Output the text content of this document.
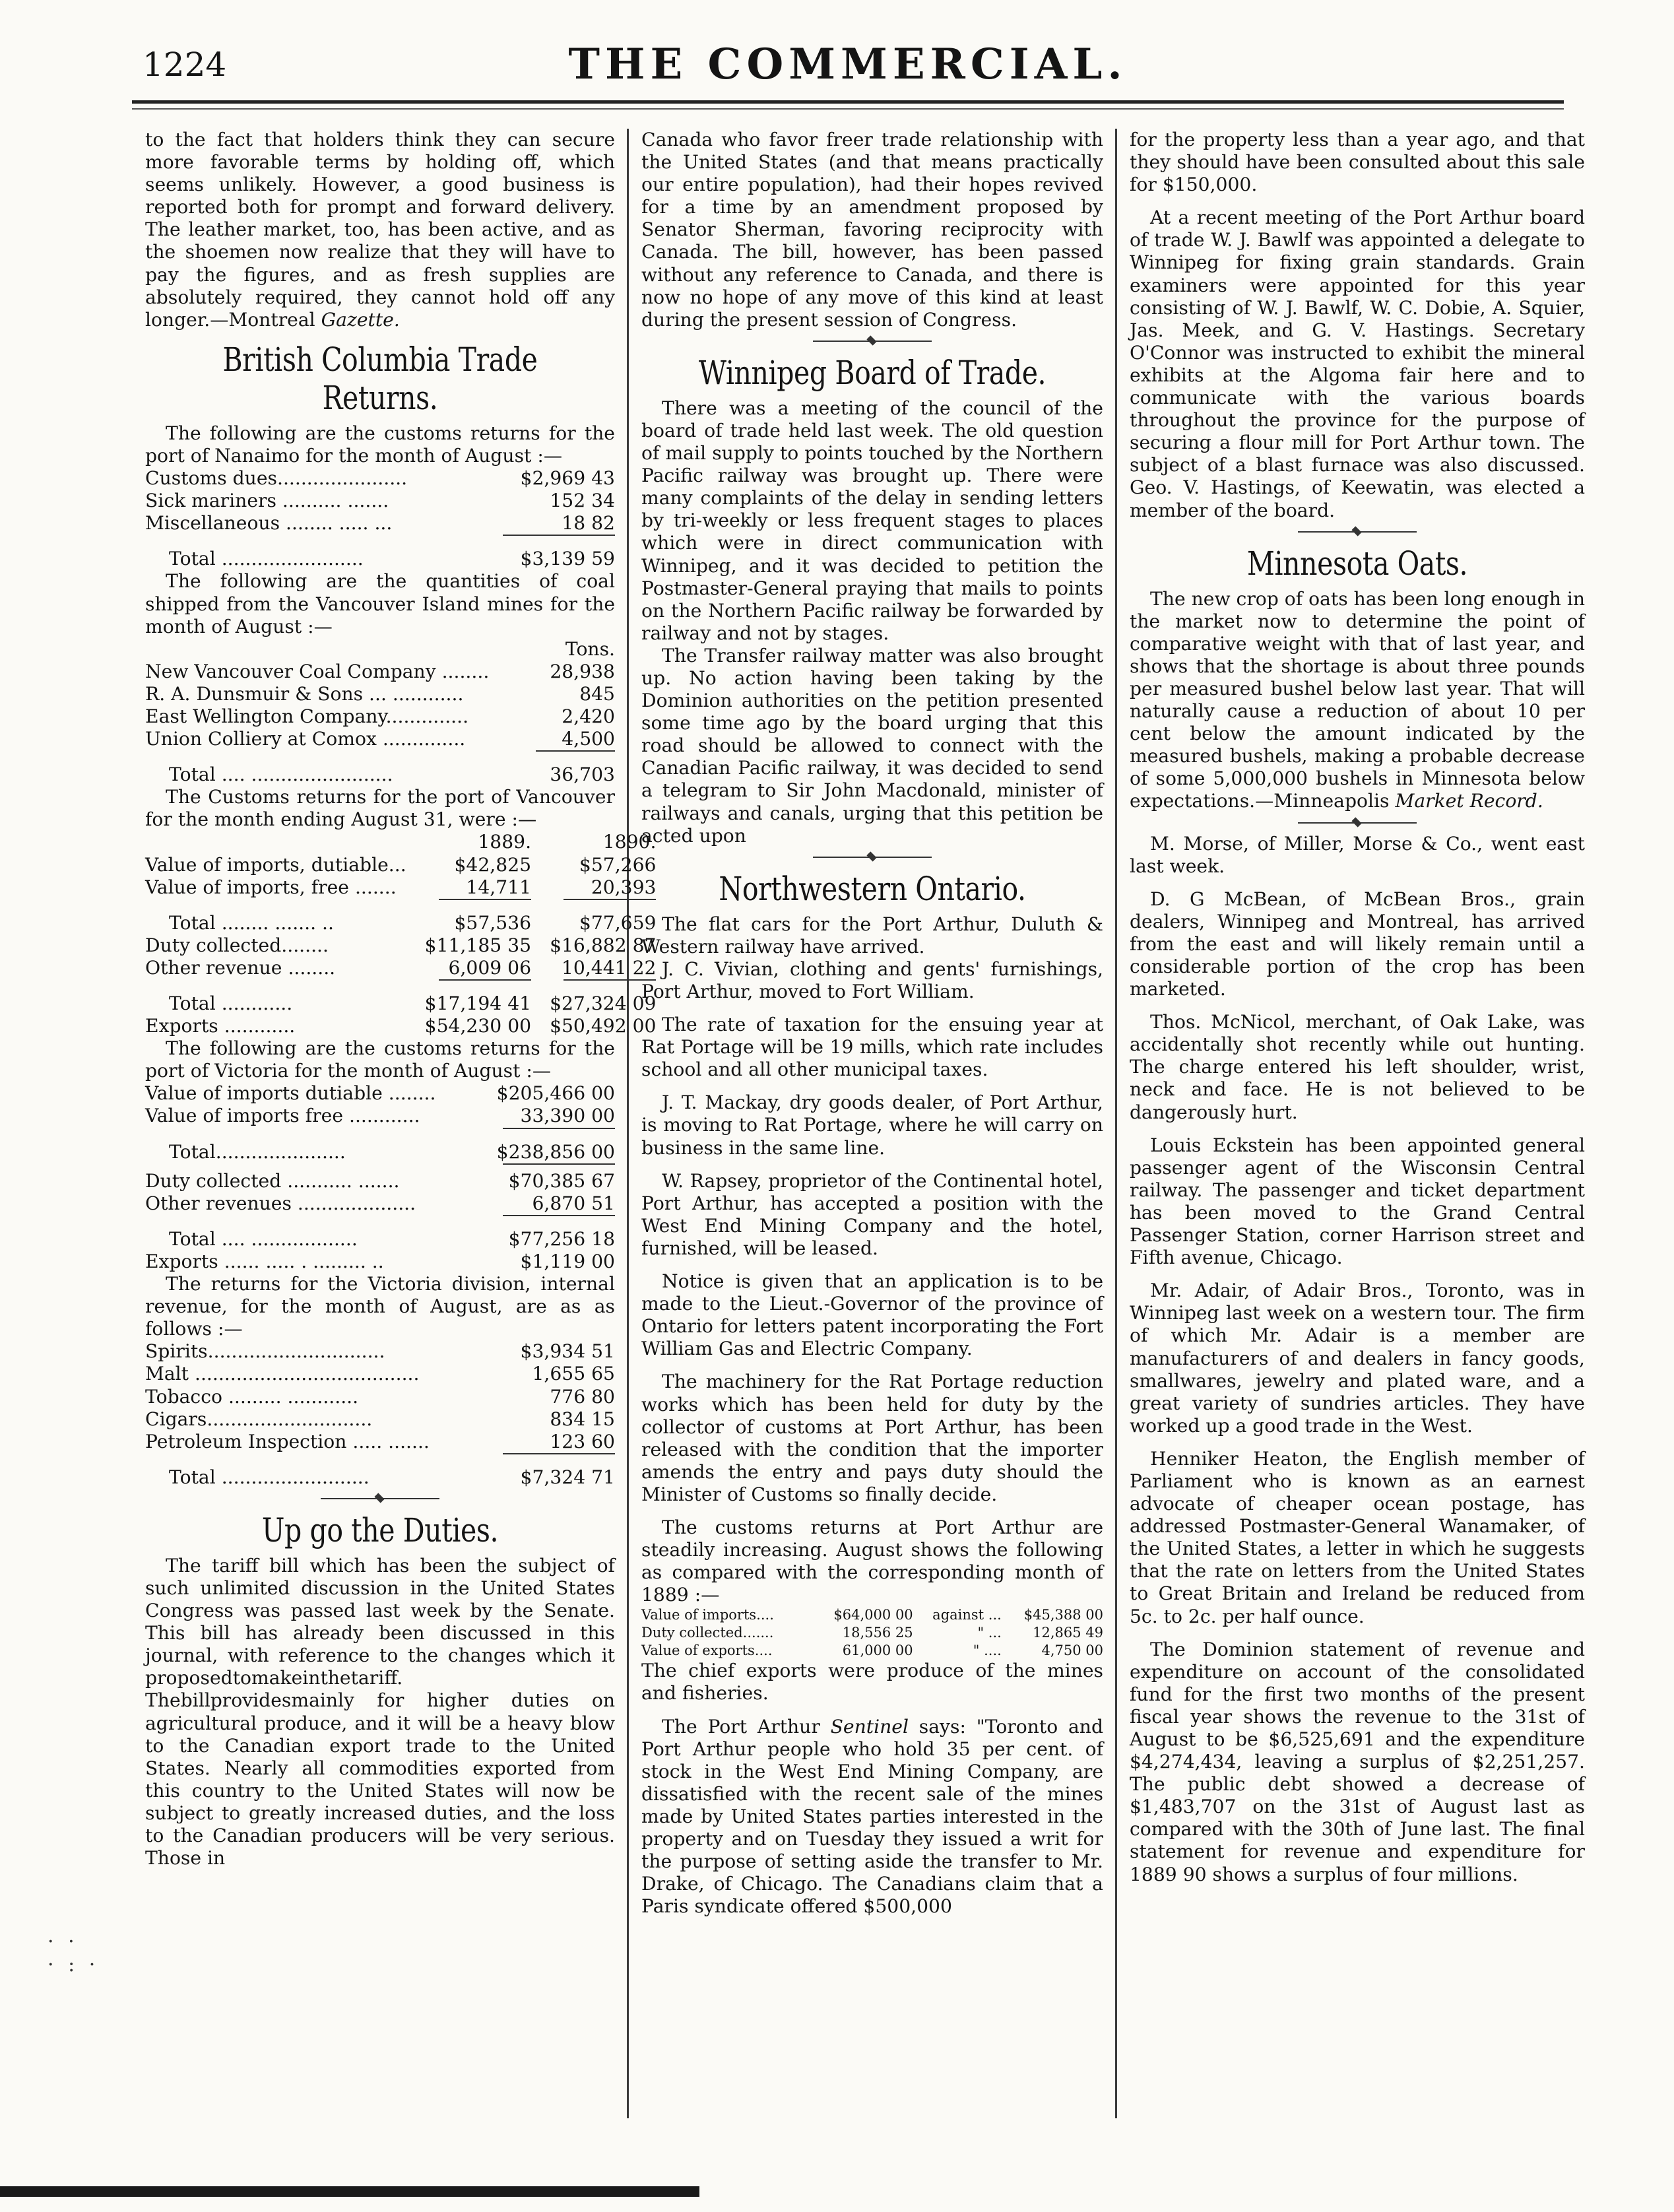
1224	THE COMMERCIAL.

to the fact that holders think they can secure more favorable terms by holding off, which seems unlikely. However, a good business is reported both for prompt and forward delivery. The leather market, too, has been active, and as the shoemen now realize that they will have to pay the figures, and as fresh supplies are absolutely required, they cannot hold off any longer.—Montreal Gazette.

British Columbia Trade Returns.

The following are the customs returns for the port of Nanaimo for the month of August :—

Customs dues......................	$2,969 43
Sick mariners .......... .......	152 34
Miscellaneous ........ ..... ...	18 82

Total ........................	$3,139 59

The following are the quantities of coal shipped from the Vancouver Island mines for the month of August :—

Tons.
New Vancouver Coal Company ........	28,938
R. A. Dunsmuir & Sons ... ............	845
East Wellington Company..............	2,420
Union Colliery at Comox ..............	4,500

Total .... ........................	36,703

The Customs returns for the port of Vancouver for the month ending August 31, were :—

	1889.	1890.
Value of imports, dutiable...	$42,825	$57,266
Value of imports, free .......	14,711	20,393

Total ........ ....... ..	$57,536	$77,659
Duty collected........	$11,185 35	$16,882 87
Other revenue ........	6,009 06	10,441 22

Total ............	$17,194 41	$27,324 09
Exports ............	$54,230 00	$50,492 00

The following are the customs returns for the port of Victoria for the month of August :—

Value of imports dutiable ........	$205,466 00
Value of imports free ............	33,390 00

Total......................	$238,856 00

Duty collected ........... .......	$70,385 67
Other revenues ....................	6,870 51

Total .... ..................	$77,256 18
Exports ...... ..... . ......... ..	$1,119 00

The returns for the Victoria division, internal revenue, for the month of August, are as as follows :—

Spirits..............................	$3,934 51
Malt ......................................	1,655 65
Tobacco ......... ............	776 80
Cigars............................	834 15
Petroleum Inspection ..... .......	123 60

Total .........................	$7,324 71
Up go the Duties.

The tariff bill which has been the subject of such unlimited discussion in the United States Congress was passed last week by the Senate. This bill has already been discussed in this journal, with reference to the changes which it proposedtomakeinthetariff. Thebillprovidesmainly for higher duties on agricultural produce, and it will be a heavy blow to the Canadian export trade to the United States. Nearly all commodities exported from this country to the United States will now be subject to greatly increased duties, and the loss to the Canadian producers will be very serious. Those in

Canada who favor freer trade relationship with the United States (and that means practically our entire population), had their hopes revived for a time by an amendment proposed by Senator Sherman, favoring reciprocity with Canada. The bill, however, has been passed without any reference to Canada, and there is now no hope of any move of this kind at least during the present session of Congress.

Winnipeg Board of Trade.

There was a meeting of the council of the board of trade held last week. The old question of mail supply to points touched by the Northern Pacific railway was brought up. There were many complaints of the delay in sending letters by tri-weekly or less frequent stages to places which were in direct communication with Winnipeg, and it was decided to petition the Postmaster-General praying that mails to points on the Northern Pacific railway be forwarded by railway and not by stages.

The Transfer railway matter was also brought up. No action having been taking by the Dominion authorities on the petition presented some time ago by the board urging that this road should be allowed to connect with the Canadian Pacific railway, it was decided to send a telegram to Sir John Macdonald, minister of railways and canals, urging that this petition be acted upon

Northwestern Ontario.

The flat cars for the Port Arthur, Duluth & Western railway have arrived.

J. C. Vivian, clothing and gents' furnishings, Port Arthur, moved to Fort William.

The rate of taxation for the ensuing year at Rat Portage will be 19 mills, which rate includes school and all other municipal taxes.

J. T. Mackay, dry goods dealer, of Port Arthur, is moving to Rat Portage, where he will carry on business in the same line.

W. Rapsey, proprietor of the Continental hotel, Port Arthur, has accepted a position with the West End Mining Company and the hotel, furnished, will be leased.

Notice is given that an application is to be made to the Lieut.-Governor of the province of Ontario for letters patent incorporating the Fort William Gas and Electric Company.

The machinery for the Rat Portage reduction works which has been held for duty by the collector of customs at Port Arthur, has been released with the condition that the importer amends the entry and pays duty should the Minister of Customs so finally decide.

The customs returns at Port Arthur are steadily increasing. August shows the following as compared with the corresponding month of 1889 :—

Value of imports....	$64,000 00	against ...	$45,388 00
Duty collected.......	18,556 25	" ...	12,865 49
Value of exports....	61,000 00	" ....	4,750 00

The chief exports were produce of the mines and fisheries.

The Port Arthur Sentinel says: "Toronto and Port Arthur people who hold 35 per cent. of stock in the West End Mining Company, are dissatisfied with the recent sale of the mines made by United States parties interested in the property and on Tuesday they issued a writ for the purpose of setting aside the transfer to Mr. Drake, of Chicago. The Canadians claim that a Paris syndicate offered $500,000

for the property less than a year ago, and that they should have been consulted about this sale for $150,000.

At a recent meeting of the Port Arthur board of trade W. J. Bawlf was appointed a delegate to Winnipeg for fixing grain standards. Grain examiners were appointed for this year consisting of W. J. Bawlf, W. C. Dobie, A. Squier, Jas. Meek, and G. V. Hastings. Secretary O'Connor was instructed to exhibit the mineral exhibits at the Algoma fair here and to communicate with the various boards throughout the province for the purpose of securing a flour mill for Port Arthur town. The subject of a blast furnace was also discussed. Geo. V. Hastings, of Keewatin, was elected a member of the board.

Minnesota Oats.

The new crop of oats has been long enough in the market now to determine the point of comparative weight with that of last year, and shows that the shortage is about three pounds per measured bushel below last year. That will naturally cause a reduction of about 10 per cent below the amount indicated by the measured bushels, making a probable decrease of some 5,000,000 bushels in Minnesota below expectations.—Minneapolis Market Record.

M. Morse, of Miller, Morse & Co., went east last week.

D. G McBean, of McBean Bros., grain dealers, Winnipeg and Montreal, has arrived from the east and will likely remain until a considerable portion of the crop has been marketed.

Thos. McNicol, merchant, of Oak Lake, was accidentally shot recently while out hunting. The charge entered his left shoulder, wrist, neck and face. He is not believed to be dangerously hurt.

Louis Eckstein has been appointed general passenger agent of the Wisconsin Central railway. The passenger and ticket department has been moved to the Grand Central Passenger Station, corner Harrison street and Fifth avenue, Chicago.

Mr. Adair, of Adair Bros., Toronto, was in Winnipeg last week on a western tour. The firm of which Mr. Adair is a member are manufacturers of and dealers in fancy goods, smallwares, jewelry and plated ware, and a great variety of sundries articles. They have worked up a good trade in the West.

Henniker Heaton, the English member of Parliament who is known as an earnest advocate of cheaper ocean postage, has addressed Postmaster-General Wanamaker, of the United States, a letter in which he suggests that the rate on letters from the United States to Great Britain and Ireland be reduced from 5c. to 2c. per half ounce.

The Dominion statement of revenue and expenditure on account of the consolidated fund for the first two months of the present fiscal year shows the revenue to the 31st of August to be $6,525,691 and the expenditure $4,274,434, leaving a surplus of $2,251,257. The public debt showed a decrease of $1,483,707 on the 31st of August last as compared with the 30th of June last. The final statement for revenue and expenditure for 1889 90 shows a surplus of four millions.

· ·
· : ·
